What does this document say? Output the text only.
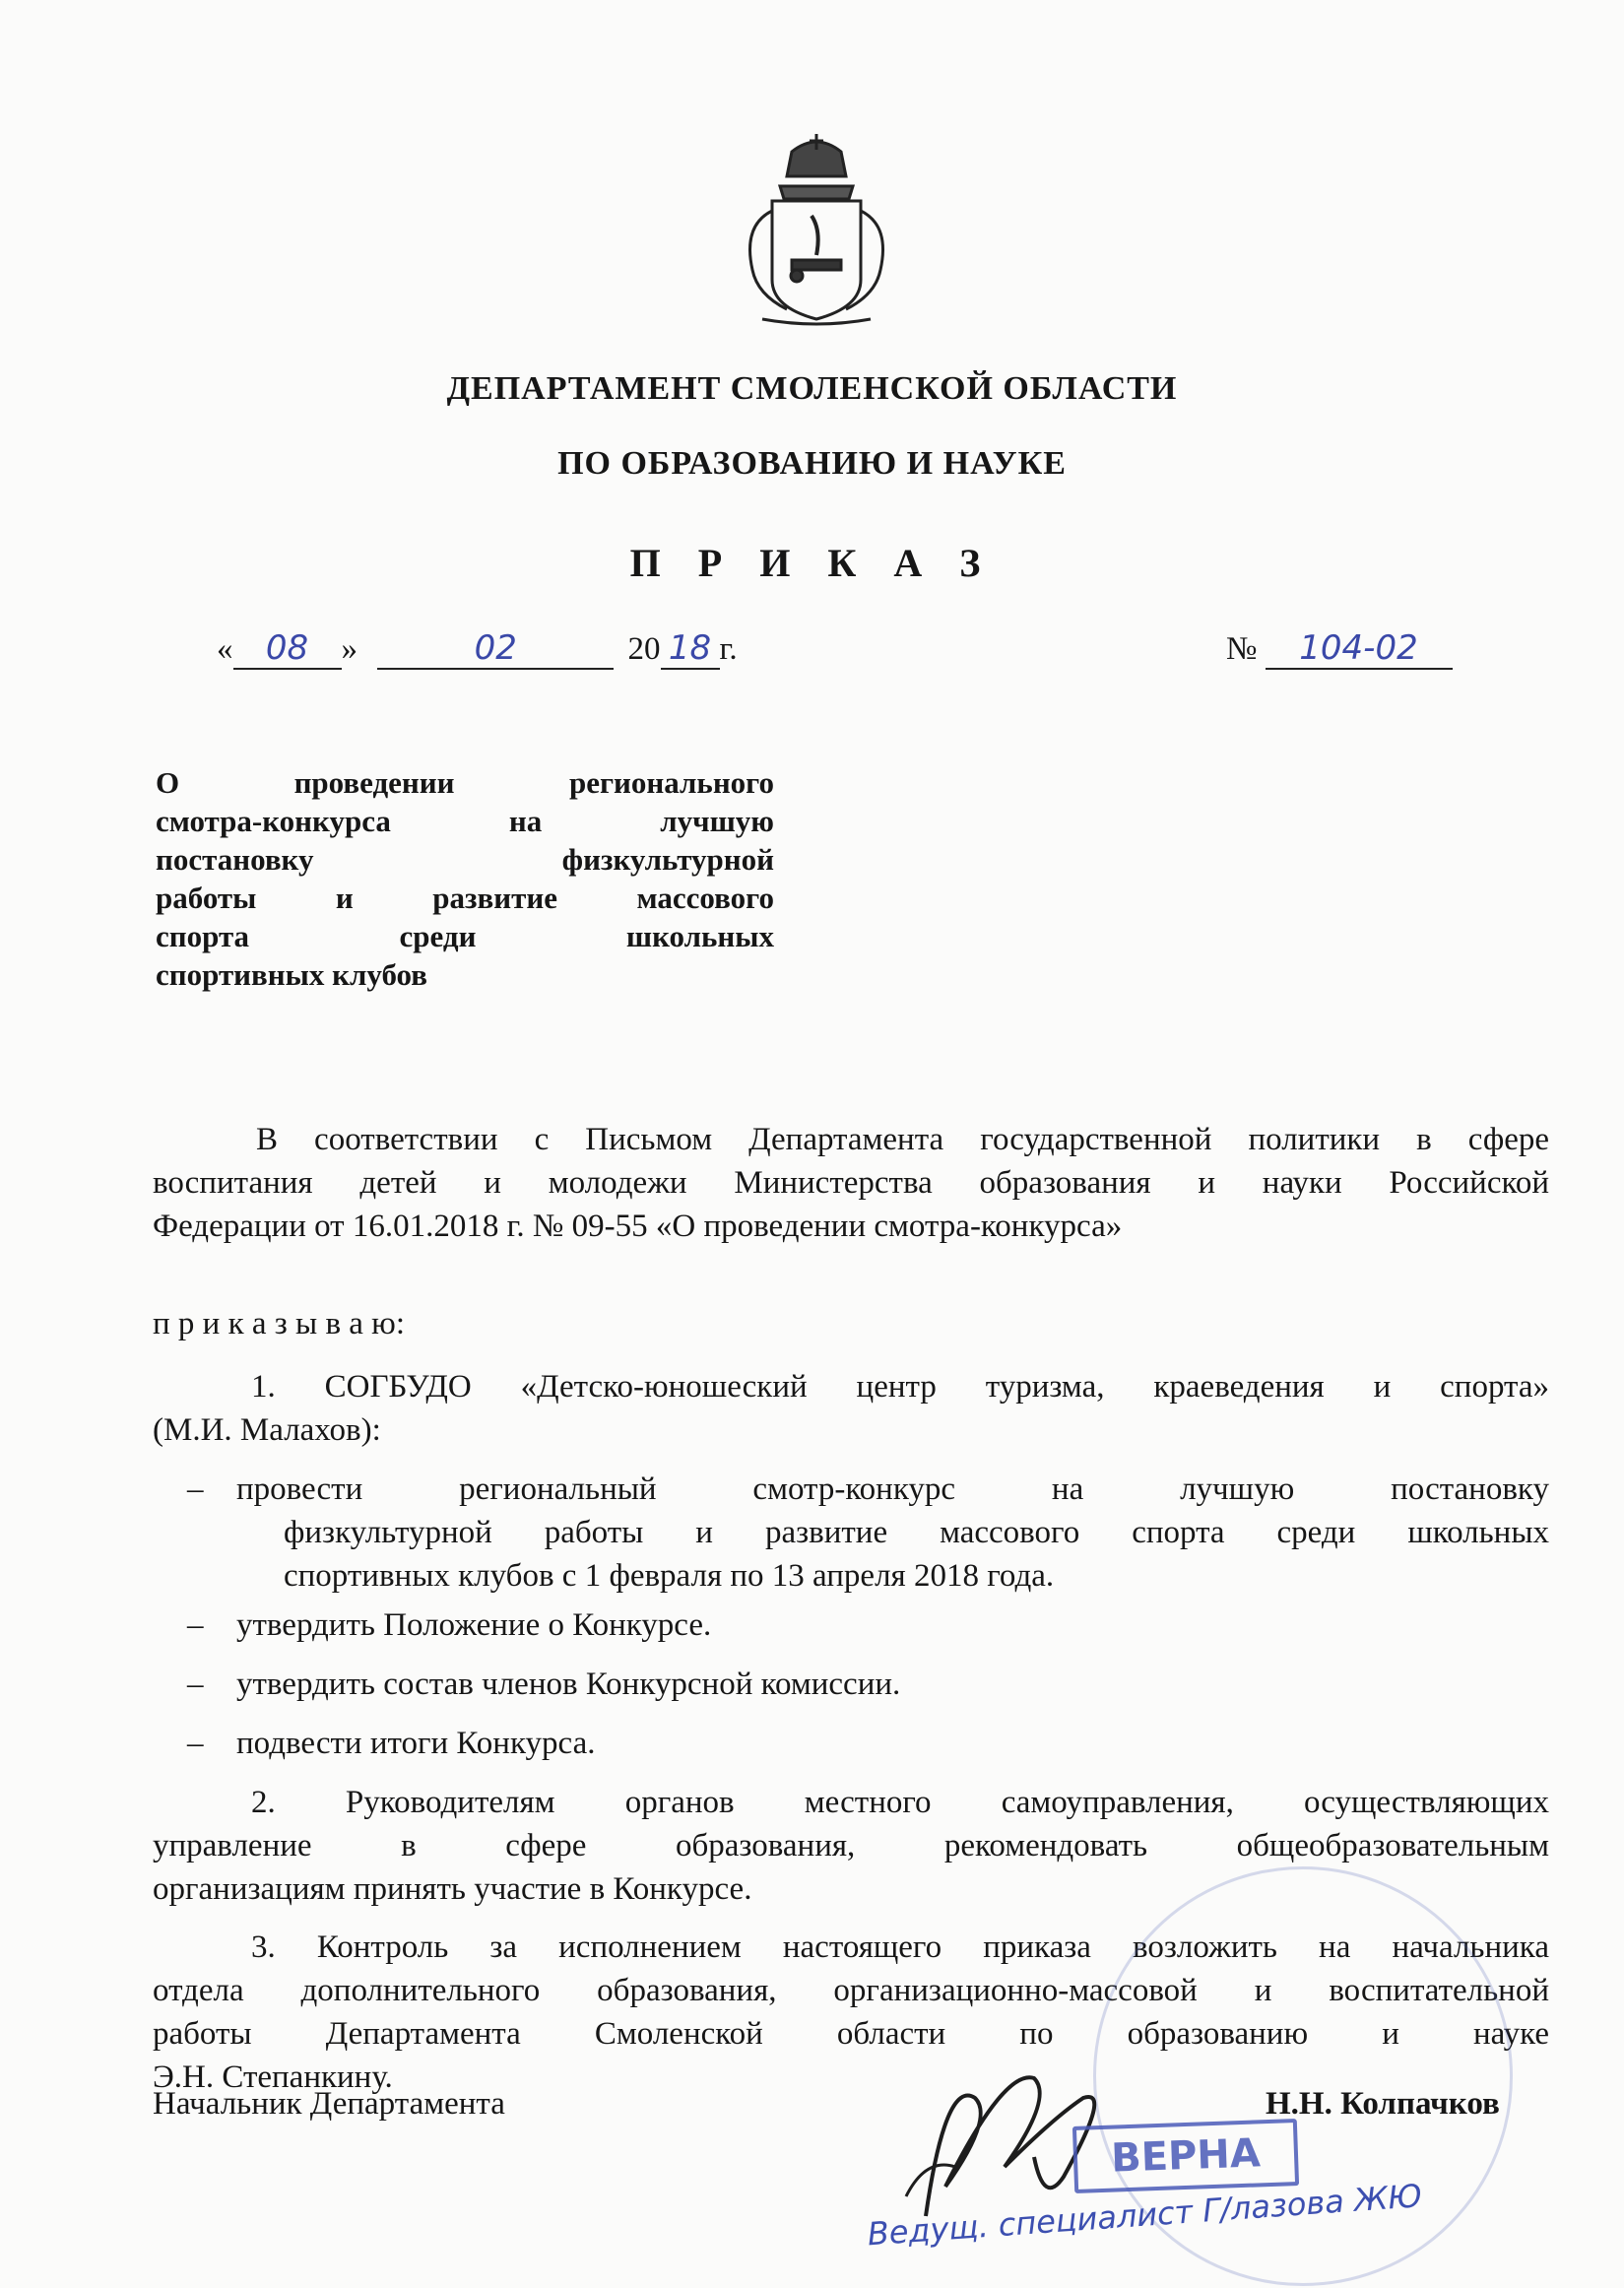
ДЕПАРТАМЕНТ СМОЛЕНСКОЙ ОБЛАСТИ
ПО ОБРАЗОВАНИЮ И НАУКЕ
П Р И К А З
« 08 »	02	20 18 г.	№ 104-02
О проведении регионального
смотра-конкурса на лучшую
постановку физкультурной
работы и развитие массового
спорта среди школьных
спортивных клубов
В соответствии с Письмом Департамента государственной политики в сфере
воспитания детей и молодежи Министерства образования и науки Российской
Федерации от 16.01.2018 г. № 09-55 «О проведении смотра-конкурса»
п р и к а з ы в а ю:
1. СОГБУДО «Детско-юношеский центр туризма, краеведения и спорта»
(М.И. Малахов):
– провести региональный смотр-конкурс на лучшую постановку
физкультурной работы и развитие массового спорта среди школьных
спортивных клубов с 1 февраля по 13 апреля 2018 года.
– утвердить Положение о Конкурсе.
– утвердить состав членов Конкурсной комиссии.
– подвести итоги Конкурса.
2. Руководителям органов местного самоуправления, осуществляющих
управление в сфере образования, рекомендовать общеобразовательным
организациям принять участие в Конкурсе.
3. Контроль за исполнением настоящего приказа возложить на начальника
отдела дополнительного образования, организационно-массовой и воспитательной
работы Департамента Смоленской области по образованию и науке
Э.Н. Степанкину.
Начальник Департамента	Н.Н. Колпачков
ВЕРНА
Ведущ. специалист Г/лазова ЖЮ
